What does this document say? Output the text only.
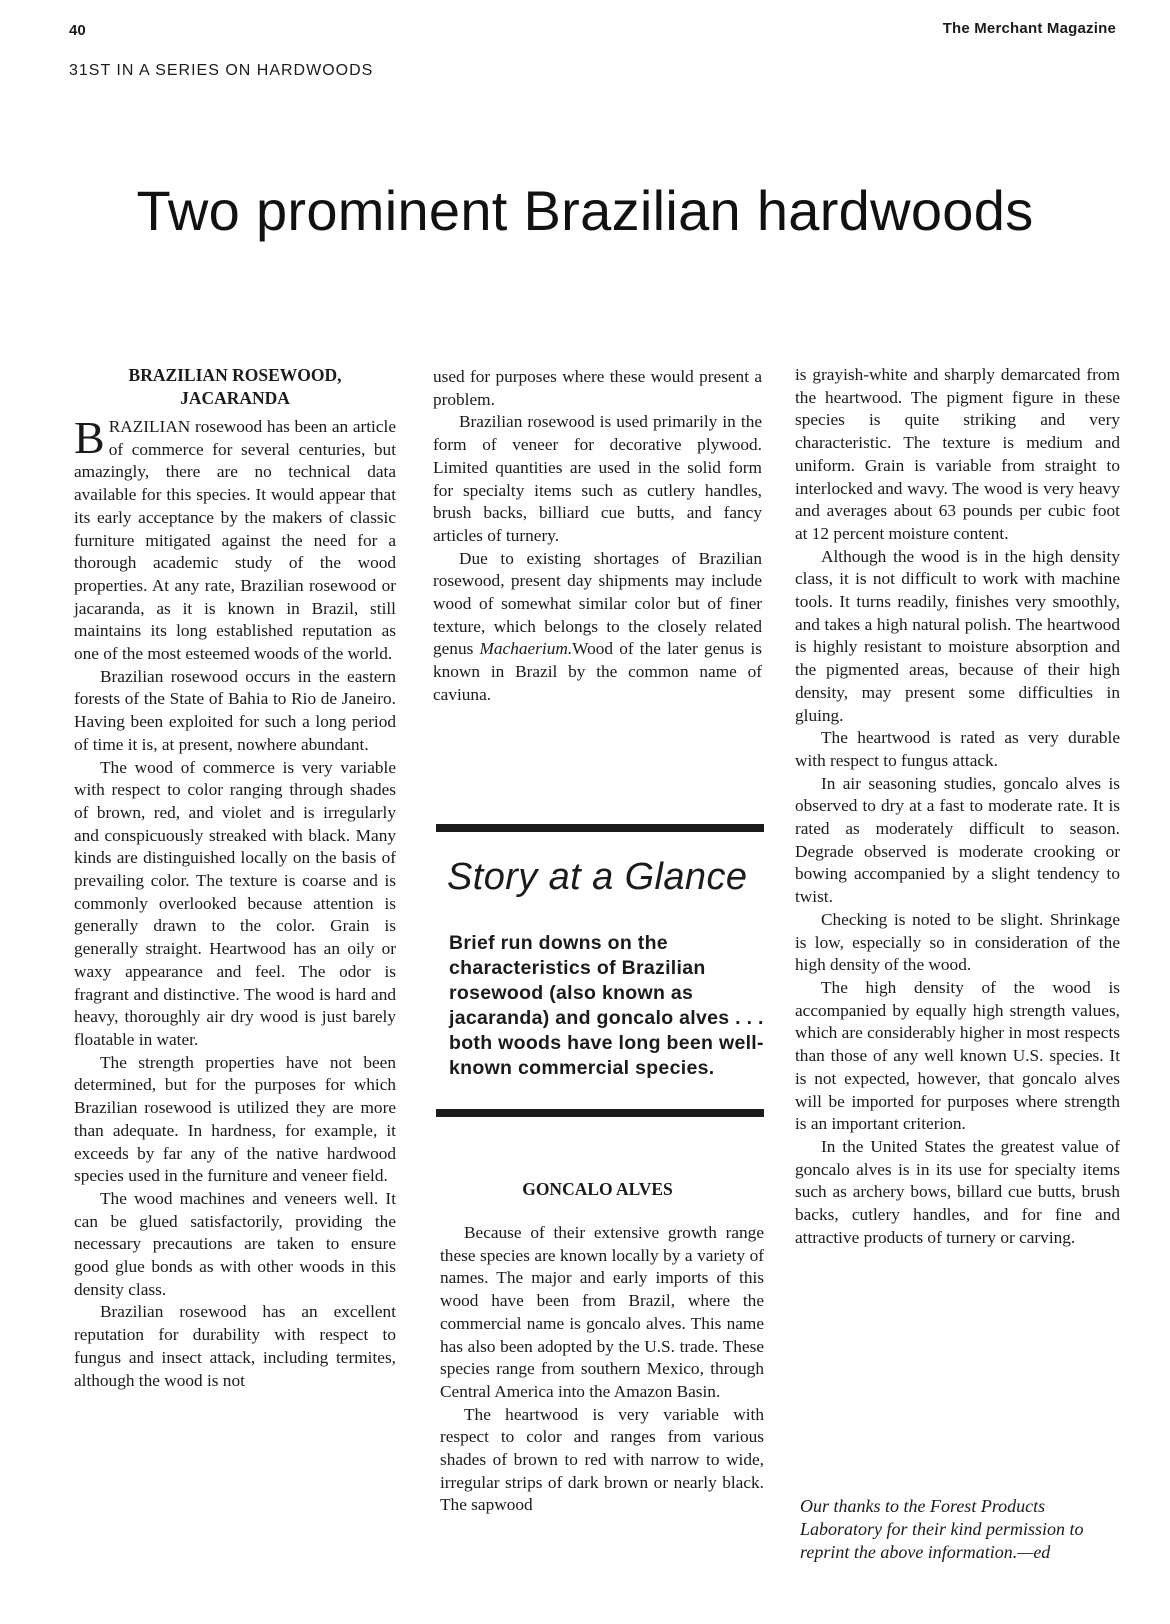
40	The Merchant Magazine
31ST IN A SERIES ON HARDWOODS
Two prominent Brazilian hardwoods
BRAZILIAN ROSEWOOD, JACARANDA

BRAZILIAN rosewood has been an article of commerce for several centuries, but amazingly, there are no technical data available for this species. It would appear that its early acceptance by the makers of classic furniture mitigated against the need for a thorough academic study of the wood properties. At any rate, Brazilian rosewood or jacaranda, as it is known in Brazil, still maintains its long established reputation as one of the most esteemed woods of the world.

Brazilian rosewood occurs in the eastern forests of the State of Bahia to Rio de Janeiro. Having been exploited for such a long period of time it is, at present, nowhere abundant.

The wood of commerce is very variable with respect to color ranging through shades of brown, red, and violet and is irregularly and conspicuously streaked with black. Many kinds are distinguished locally on the basis of prevailing color. The texture is coarse and is commonly overlooked because attention is generally drawn to the color. Grain is generally straight. Heartwood has an oily or waxy appearance and feel. The odor is fragrant and distinctive. The wood is hard and heavy, thoroughly air dry wood is just barely floatable in water.

The strength properties have not been determined, but for the purposes for which Brazilian rosewood is utilized they are more than adequate. In hardness, for example, it exceeds by far any of the native hardwood species used in the furniture and veneer field.

The wood machines and veneers well. It can be glued satisfactorily, providing the necessary precautions are taken to ensure good glue bonds as with other woods in this density class.

Brazilian rosewood has an excellent reputation for durability with respect to fungus and insect attack, including termites, although the wood is not

used for purposes where these would present a problem.

Brazilian rosewood is used primarily in the form of veneer for decorative plywood. Limited quantities are used in the solid form for specialty items such as cutlery handles, brush backs, billiard cue butts, and fancy articles of turnery.

Due to existing shortages of Brazilian rosewood, present day shipments may include wood of somewhat similar color but of finer texture, which belongs to the closely related genus Machaerium.Wood of the later genus is known in Brazil by the common name of caviuna.

Story at a Glance
Brief run downs on the characteristics of Brazilian rosewood (also known as jacaranda) and goncalo alves . . . both woods have long been well-known commercial species.
GONCALO ALVES

Because of their extensive growth range these species are known locally by a variety of names. The major and early imports of this wood have been from Brazil, where the commercial name is goncalo alves. This name has also been adopted by the U.S. trade. These species range from southern Mexico, through Central America into the Amazon Basin.

The heartwood is very variable with respect to color and ranges from various shades of brown to red with narrow to wide, irregular strips of dark brown or nearly black. The sapwood

is grayish-white and sharply demarcated from the heartwood. The pigment figure in these species is quite striking and very characteristic. The texture is medium and uniform. Grain is variable from straight to interlocked and wavy. The wood is very heavy and averages about 63 pounds per cubic foot at 12 percent moisture content.

Although the wood is in the high density class, it is not difficult to work with machine tools. It turns readily, finishes very smoothly, and takes a high natural polish. The heartwood is highly resistant to moisture absorption and the pigmented areas, because of their high density, may present some difficulties in gluing.

The heartwood is rated as very durable with respect to fungus attack.

In air seasoning studies, goncalo alves is observed to dry at a fast to moderate rate. It is rated as moderately difficult to season. Degrade observed is moderate crooking or bowing accompanied by a slight tendency to twist.

Checking is noted to be slight. Shrinkage is low, especially so in consideration of the high density of the wood.

The high density of the wood is accompanied by equally high strength values, which are considerably higher in most respects than those of any well known U.S. species. It is not expected, however, that goncalo alves will be imported for purposes where strength is an important criterion.

In the United States the greatest value of goncalo alves is in its use for specialty items such as archery bows, billard cue butts, brush backs, cutlery handles, and for fine and attractive products of turnery or carving.

Our thanks to the Forest Products Laboratory for their kind permission to reprint the above information.—ed
